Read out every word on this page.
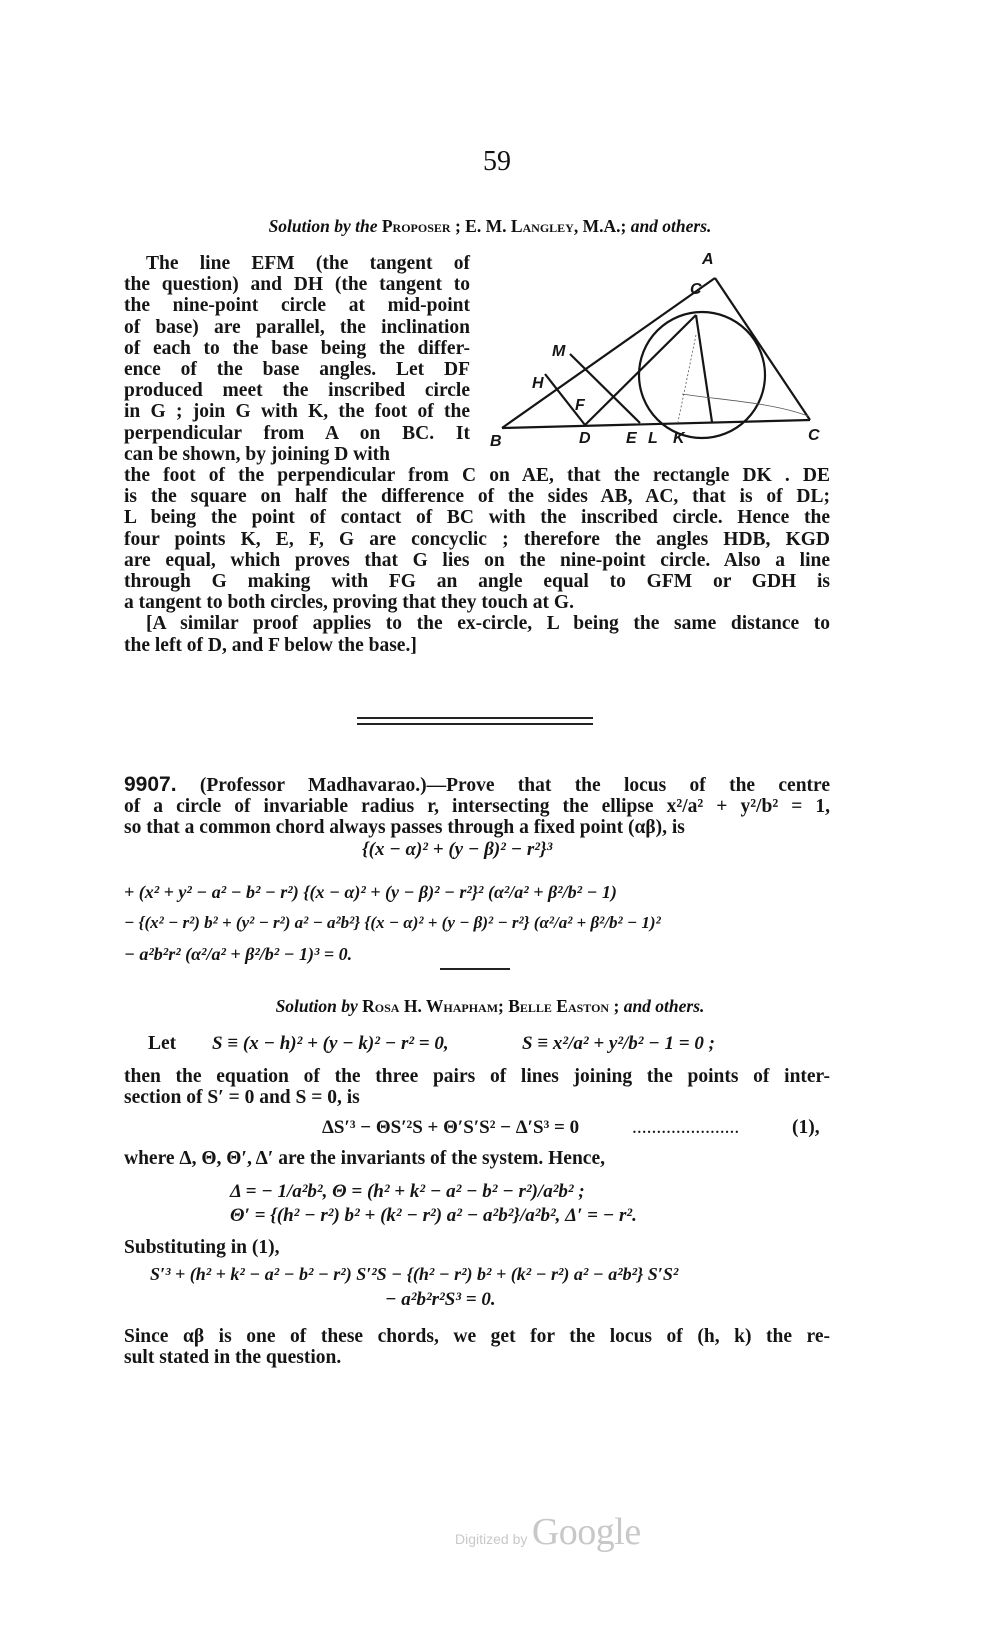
59
Solution by the Proposer ; E. M. Langley, M.A.; and others.
The line EFM (the tangent of
the question) and DH (the tangent to
the nine-point circle at mid-point
of base) are parallel, the inclination
of each to the base being the differ-
ence of the base angles. Let DF
produced meet the inscribed circle
in G ; join G with K, the foot of the
perpendicular from A on BC. It
can be shown, by joining D with
A
C
M
H
F
B	D E L K	C
the foot of the perpendicular from C on AE, that the rectangle DK . DE
is the square on half the difference of the sides AB, AC, that is of DL;
L being the point of contact of BC with the inscribed circle. Hence the
four points K, E, F, G are concyclic ; therefore the angles HDB, KGD
are equal, which proves that G lies on the nine-point circle. Also a line
through G making with FG an angle equal to GFM or GDH is
a tangent to both circles, proving that they touch at G.
[A similar proof applies to the ex-circle, L being the same distance to
the left of D, and F below the base.]
9907. (Professor Madhavarao.)—Prove that the locus of the centre
of a circle of invariable radius r, intersecting the ellipse x²/a² + y²/b² = 1,
so that a common chord always passes through a fixed point (αβ), is
{(x − α)² + (y − β)² − r²}³
+ (x² + y² − a² − b² − r²) {(x − α)² + (y − β)² − r²}² (α²/a² + β²/b² − 1)
− {(x² − r²) b² + (y² − r²) a² − a²b²} {(x − α)² + (y − β)² − r²} (α²/a² + β²/b² − 1)²
− a²b²r² (α²/a² + β²/b² − 1)³ = 0.
Solution by Rosa H. Whapham; Belle Easton ; and others.
Let S ≡ (x − h)² + (y − k)² − r² = 0,	S ≡ x²/a² + y²/b² − 1 = 0 ;
then the equation of the three pairs of lines joining the points of inter-
section of S′ = 0 and S = 0, is
ΔS′³ − ΘS′²S + Θ′S′S² − Δ′S³ = 0	......................	(1),
where Δ, Θ, Θ′, Δ′ are the invariants of the system. Hence,
Δ = − 1/a²b², Θ = (h² + k² − a² − b² − r²)/a²b² ;
Θ′ = {(h² − r²) b² + (k² − r²) a² − a²b²}/a²b², Δ′ = − r².
Substituting in (1),
S′³ + (h² + k² − a² − b² − r²) S′²S − {(h² − r²) b² + (k² − r²) a² − a²b²} S′S²
− a²b²r²S³ = 0.
Since αβ is one of these chords, we get for the locus of (h, k) the re-
sult stated in the question.
Digitized by Google
